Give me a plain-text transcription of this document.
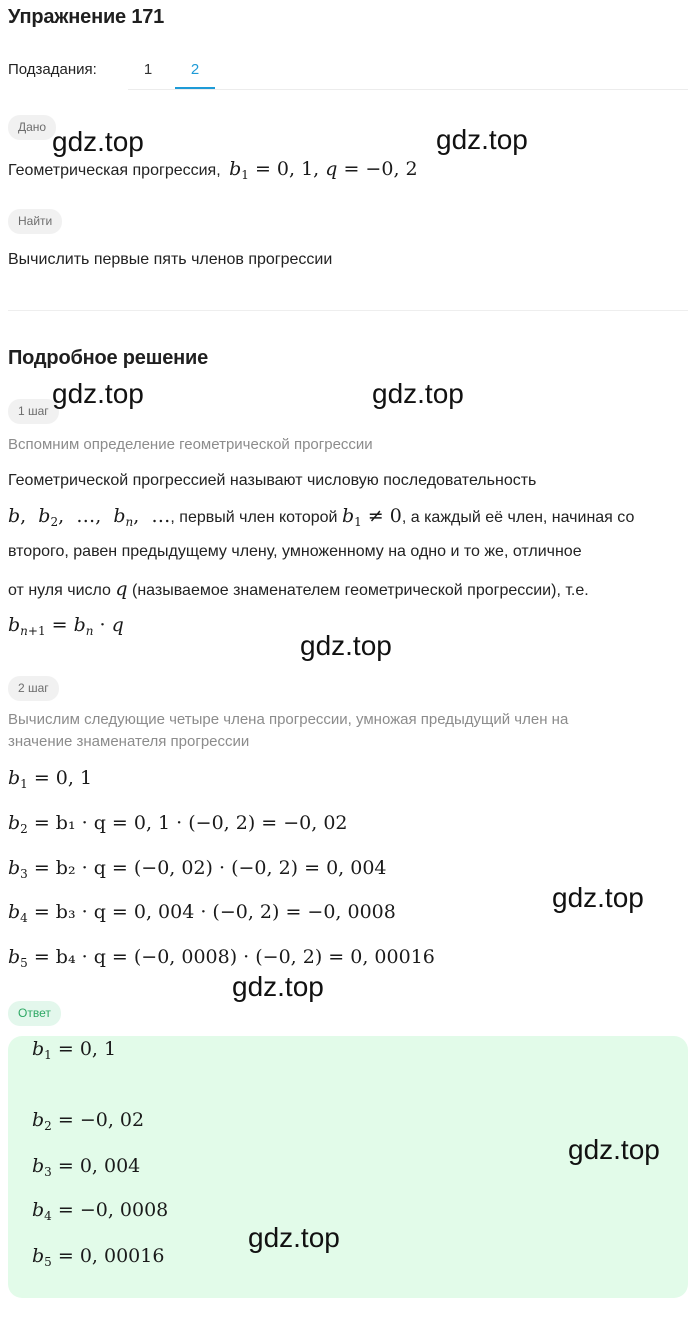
Упражнение 171
Подзадания:	1	2
Дано
Геометрическая прогрессия, $b_1 = 0$, 1, q = −0, 2
Найти
Вычислить первые пять членов прогрессии
Подробное решение
1 шаг
Вспомним определение геометрической прогрессии
Геометрической прогрессией называют числовую последовательность
b,  $b_2$,  …,  $b_n$,  …, первый член которой $b_1 \ne 0$, а каждый её член, начиная со
второго, равен предыдущему члену, умноженному на одно и то же, отличное
от нуля число q (называемое знаменателем геометрической прогрессии), т.е.
$b_{n+1} = b_n \cdot q$
2 шаг
Вычислим следующие четыре члена прогрессии, умножая предыдущий член на
значение знаменателя прогрессии
$b_1 = 0$, 1
$b_2 = b_1 \cdot q = 0$, 1 · (−0, 2) = −0, 02
$b_3 = b_2 \cdot q = (-0$, 02) · (−0, 2) = 0, 004
$b_4 = b_3 \cdot q = 0$, 004 · (−0, 2) = −0, 0008
$b_5 = b_4 \cdot q = (-0$, 0008) · (−0, 2) = 0, 00016
Ответ
$b_1 = 0$, 1
$b_2 = -0$, 02
$b_3 = 0$, 004
$b_4 = -0$, 0008
$b_5 = 0$, 00016
gdz.top	gdz.top
gdz.top	gdz.top
gdz.top
gdz.top
gdz.top
gdz.top
gdz.top
